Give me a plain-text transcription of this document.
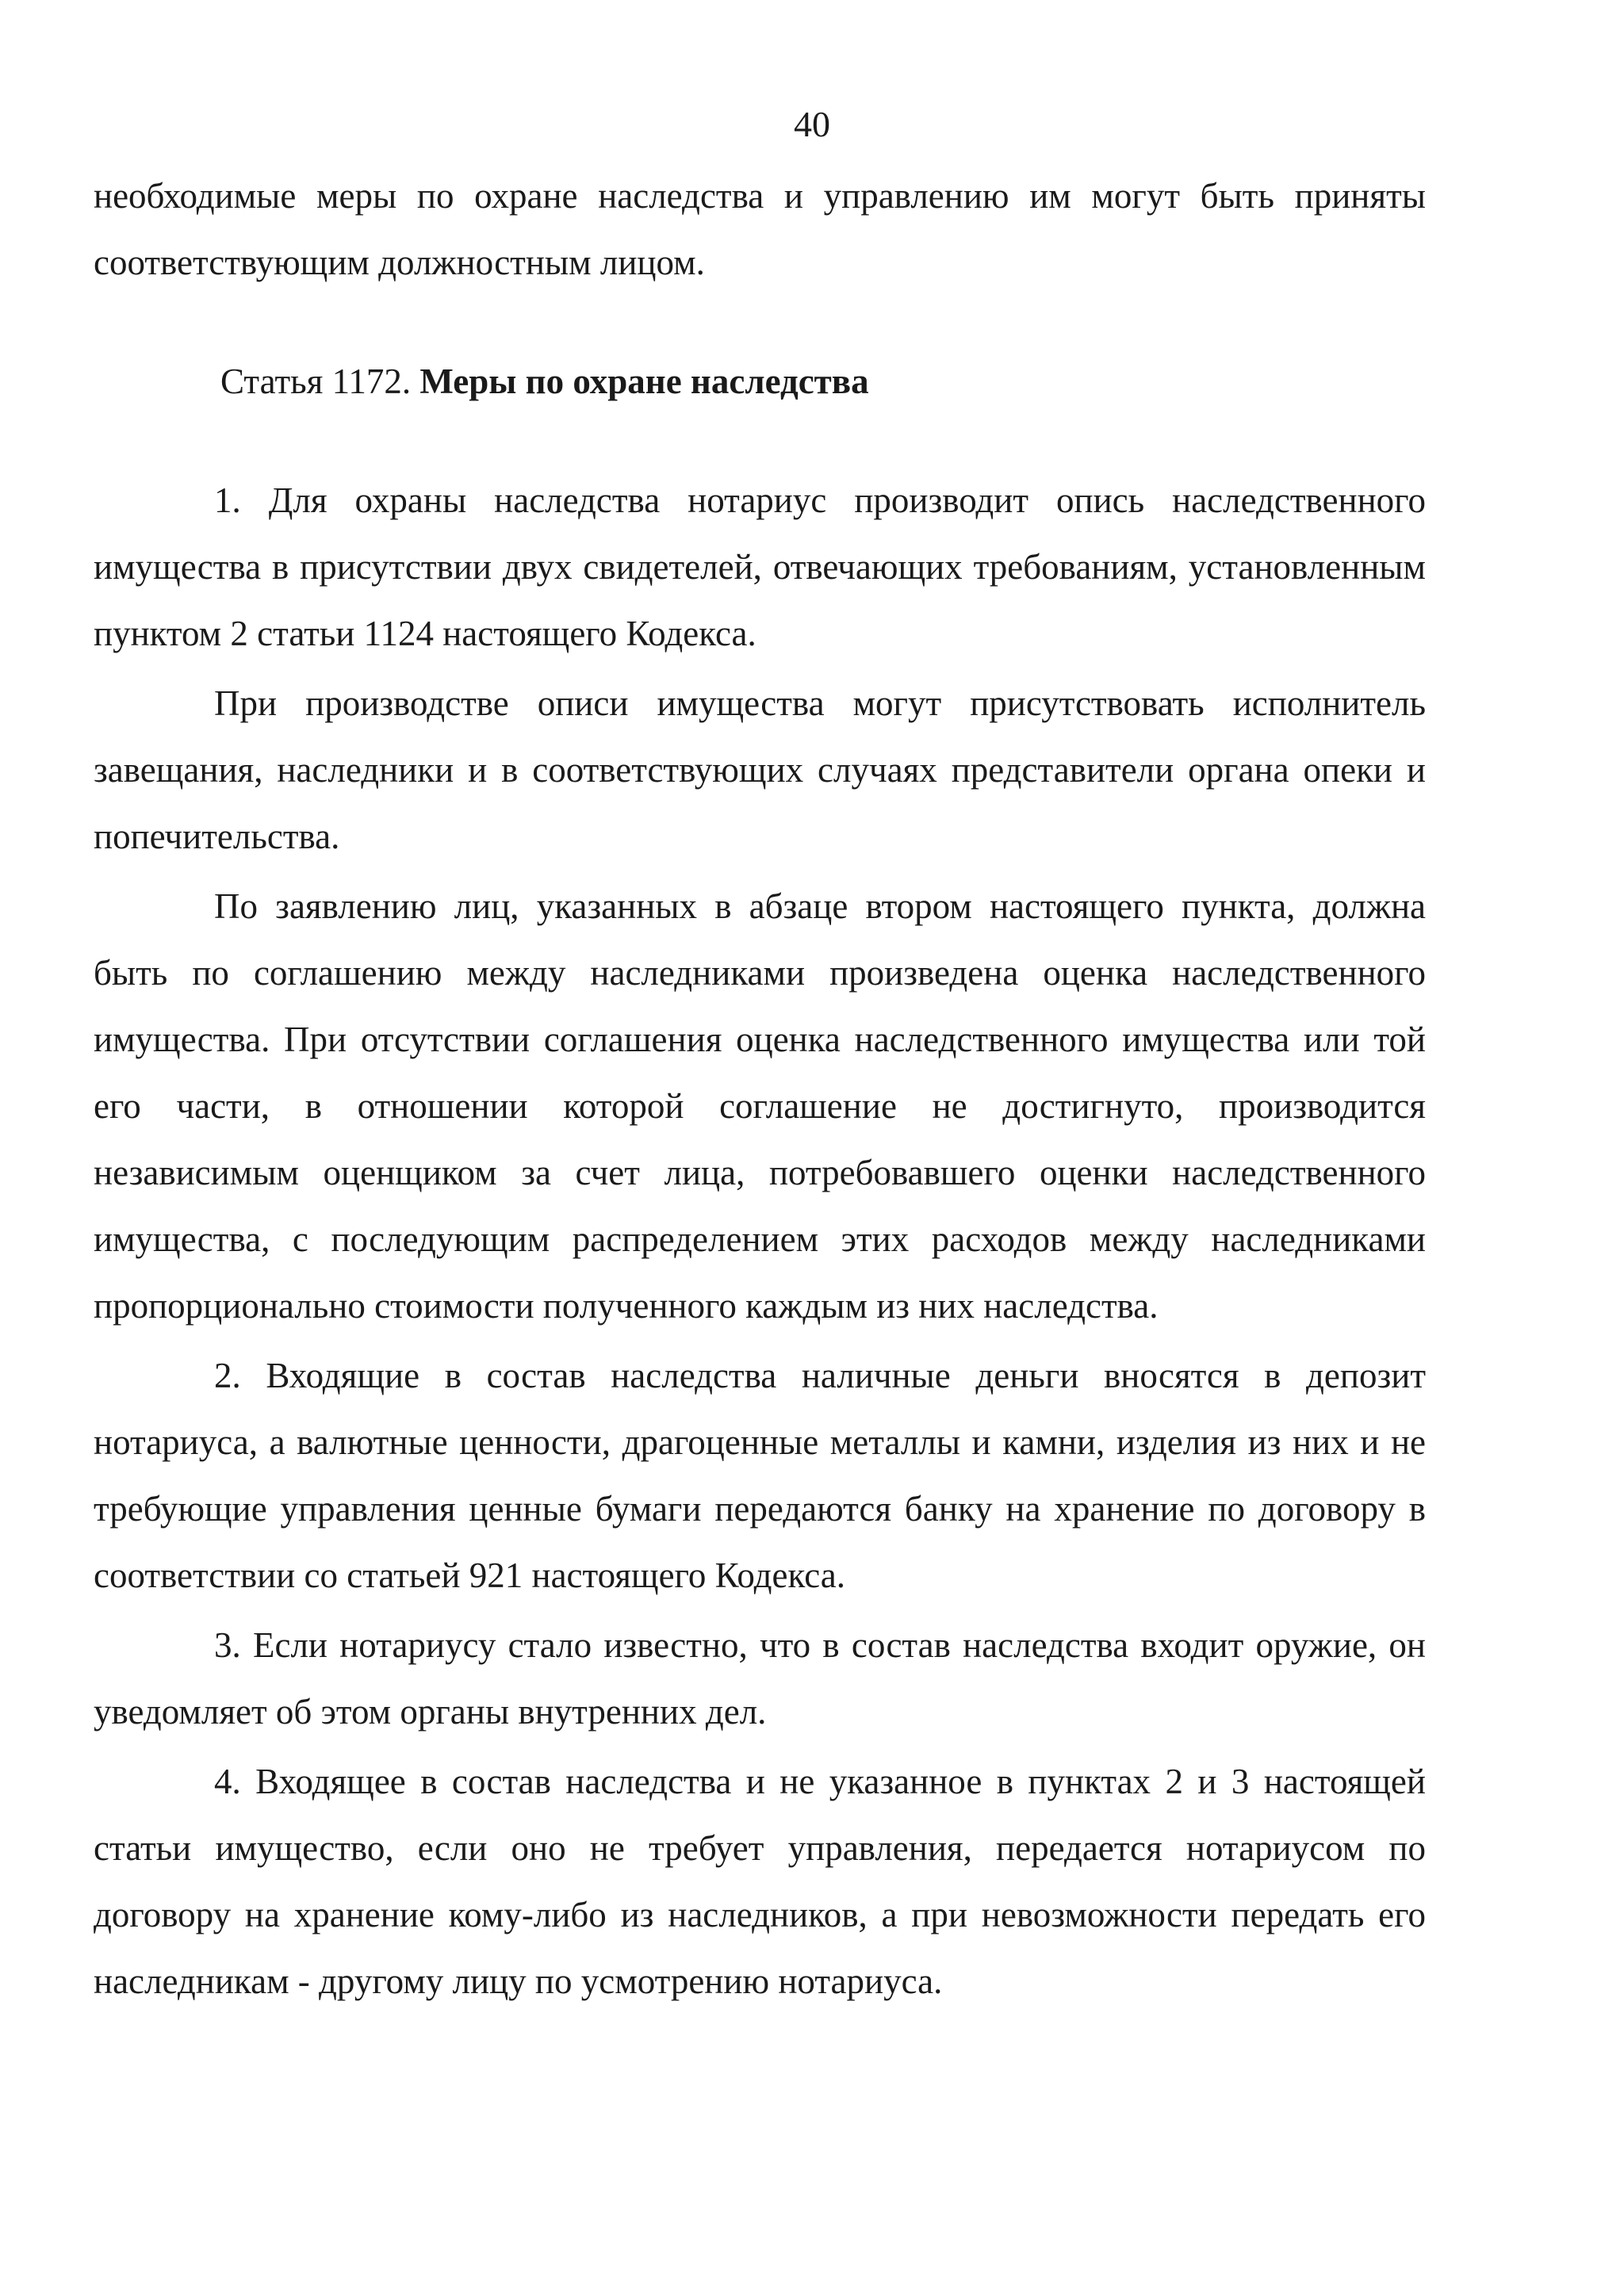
40

необходимые меры по охране наследства и управлению им могут быть приняты соответствующим должностным лицом.

Статья 1172. Меры по охране наследства

1. Для охраны наследства нотариус производит опись наследственного имущества в присутствии двух свидетелей, отвечающих требованиям, установленным пунктом 2 статьи 1124 настоящего Кодекса.

При производстве описи имущества могут присутствовать исполнитель завещания, наследники и в соответствующих случаях представители органа опеки и попечительства.

По заявлению лиц, указанных в абзаце втором настоящего пункта, должна быть по соглашению между наследниками произведена оценка наследственного имущества. При отсутствии соглашения оценка наследственного имущества или той его части, в отношении которой соглашение не достигнуто, производится независимым оценщиком за счет лица, потребовавшего оценки наследственного имущества, с последующим распределением этих расходов между наследниками пропорционально стоимости полученного каждым из них наследства.

2. Входящие в состав наследства наличные деньги вносятся в депозит нотариуса, а валютные ценности, драгоценные металлы и камни, изделия из них и не требующие управления ценные бумаги передаются банку на хранение по договору в соответствии со статьей 921 настоящего Кодекса.

3. Если нотариусу стало известно, что в состав наследства входит оружие, он уведомляет об этом органы внутренних дел.

4. Входящее в состав наследства и не указанное в пунктах 2 и 3 настоящей статьи имущество, если оно не требует управления, передается нотариусом по договору на хранение кому-либо из наследников, а при невозможности передать его наследникам - другому лицу по усмотрению нотариуса.
